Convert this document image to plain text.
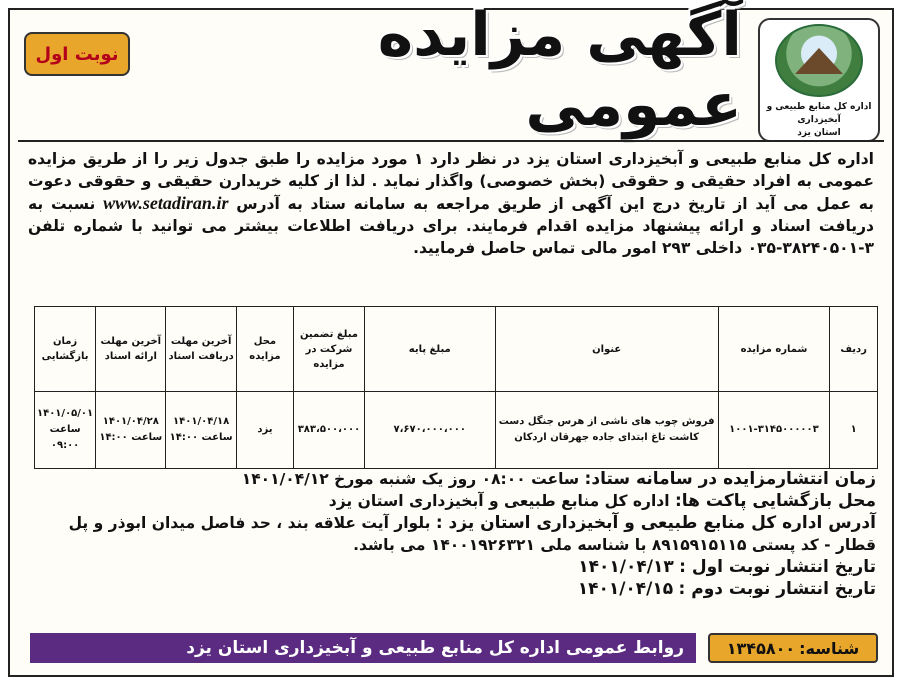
اداره کل منابع طبیعی و آبخیزداری
استان یزد
آگهی مزایده عمومی
نوبت اول
اداره کل منابع طبیعی و آبخیزداری استان یزد در نظر دارد ۱ مورد مزایده را طبق جدول زیر را از طریق مزایده عمومی به افراد حقیقی و حقوقی (بخش خصوصی) واگذار نماید . لذا از کلیه خریدارن حقیقی و حقوقی دعوت به عمل می آید از تاریخ درج این آگهی از طریق مراجعه به سامانه ستاد به آدرس www.setadiran.ir نسبت به دریافت اسناد و ارائه پیشنهاد مزایده اقدام فرمایند. برای دریافت اطلاعات بیشتر می توانید با شماره تلفن ۳-۳۸۲۴۰۵۰۱-۰۳۵ داخلی ۲۹۳ امور مالی تماس حاصل فرمایید.
ردیف	شماره مزایده	عنوان	مبلغ پایه	مبلغ تضمین شرکت در مزایده	محل مزایده	آخرین مهلت دریافت اسناد	آخرین مهلت ارائه اسناد	زمان بازگشایی
۱	۱۰۰۱-۳۱۴۵۰۰۰۰۰۳	فروش چوب های ناشی از هرس جنگل دست کاشت تاغ ابتدای جاده جهرقان اردکان	۷،۶۷۰،۰۰۰،۰۰۰	۳۸۳،۵۰۰،۰۰۰	یزد	۱۴۰۱/۰۴/۱۸ ساعت ۱۴:۰۰	۱۴۰۱/۰۴/۲۸ ساعت ۱۴:۰۰	۱۴۰۱/۰۵/۰۱ ساعت ۰۹:۰۰
زمان انتشارمزایده در سامانه ستاد: ساعت ۰۸:۰۰ روز یک شنبه مورخ ۱۴۰۱/۰۴/۱۲
محل بازگشایی پاکت ها: اداره کل منابع طبیعی و آبخیزداری استان یزد
آدرس اداره کل منابع طبیعی و آبخیزداری استان یزد : بلوار آیت علاقه بند ، حد فاصل میدان ابوذر و پل قطار - کد پستی ۸۹۱۵۹۱۵۱۱۵ با شناسه ملی ۱۴۰۰۱۹۲۶۳۲۱ می باشد.
تاریخ انتشار نوبت اول : ۱۴۰۱/۰۴/۱۳
تاریخ انتشار نوبت دوم : ۱۴۰۱/۰۴/۱۵
روابط عمومی اداره کل منابع طبیعی و آبخیزداری استان یزد	شناسه:
۱۳۴۵۸۰۰
